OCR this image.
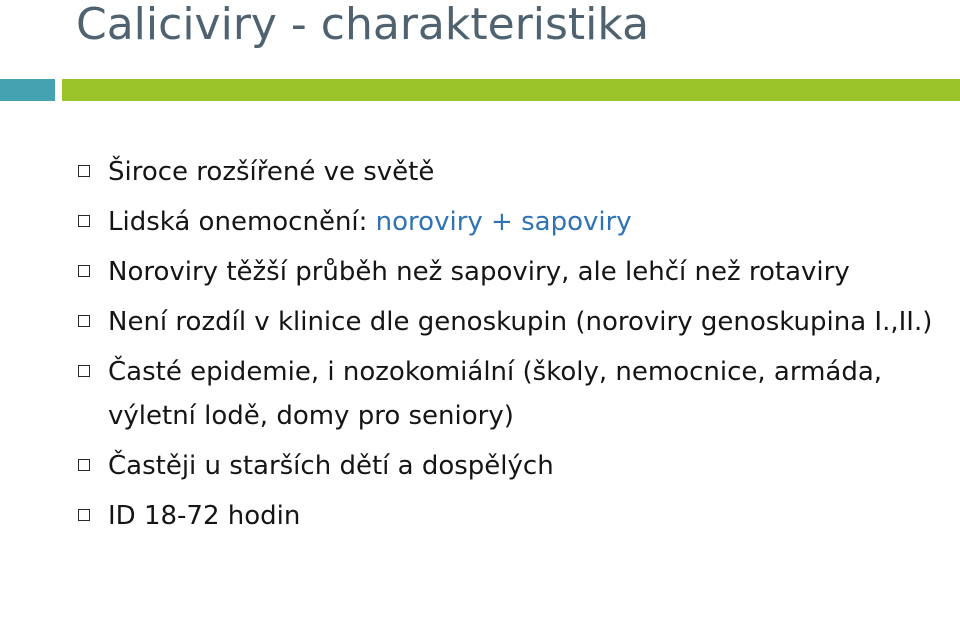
Caliciviry - charakteristika
Široce rozšířené ve světě
Lidská onemocnění: noroviry + sapoviry
Noroviry těžší průběh než sapoviry, ale lehčí než rotaviry
Není rozdíl v klinice dle genoskupin (noroviry genoskupina I.,II.)
Časté epidemie, i nozokomiální (školy, nemocnice, armáda, výletní lodě, domy pro seniory)
Častěji u starších dětí a dospělých
ID 18-72 hodin
